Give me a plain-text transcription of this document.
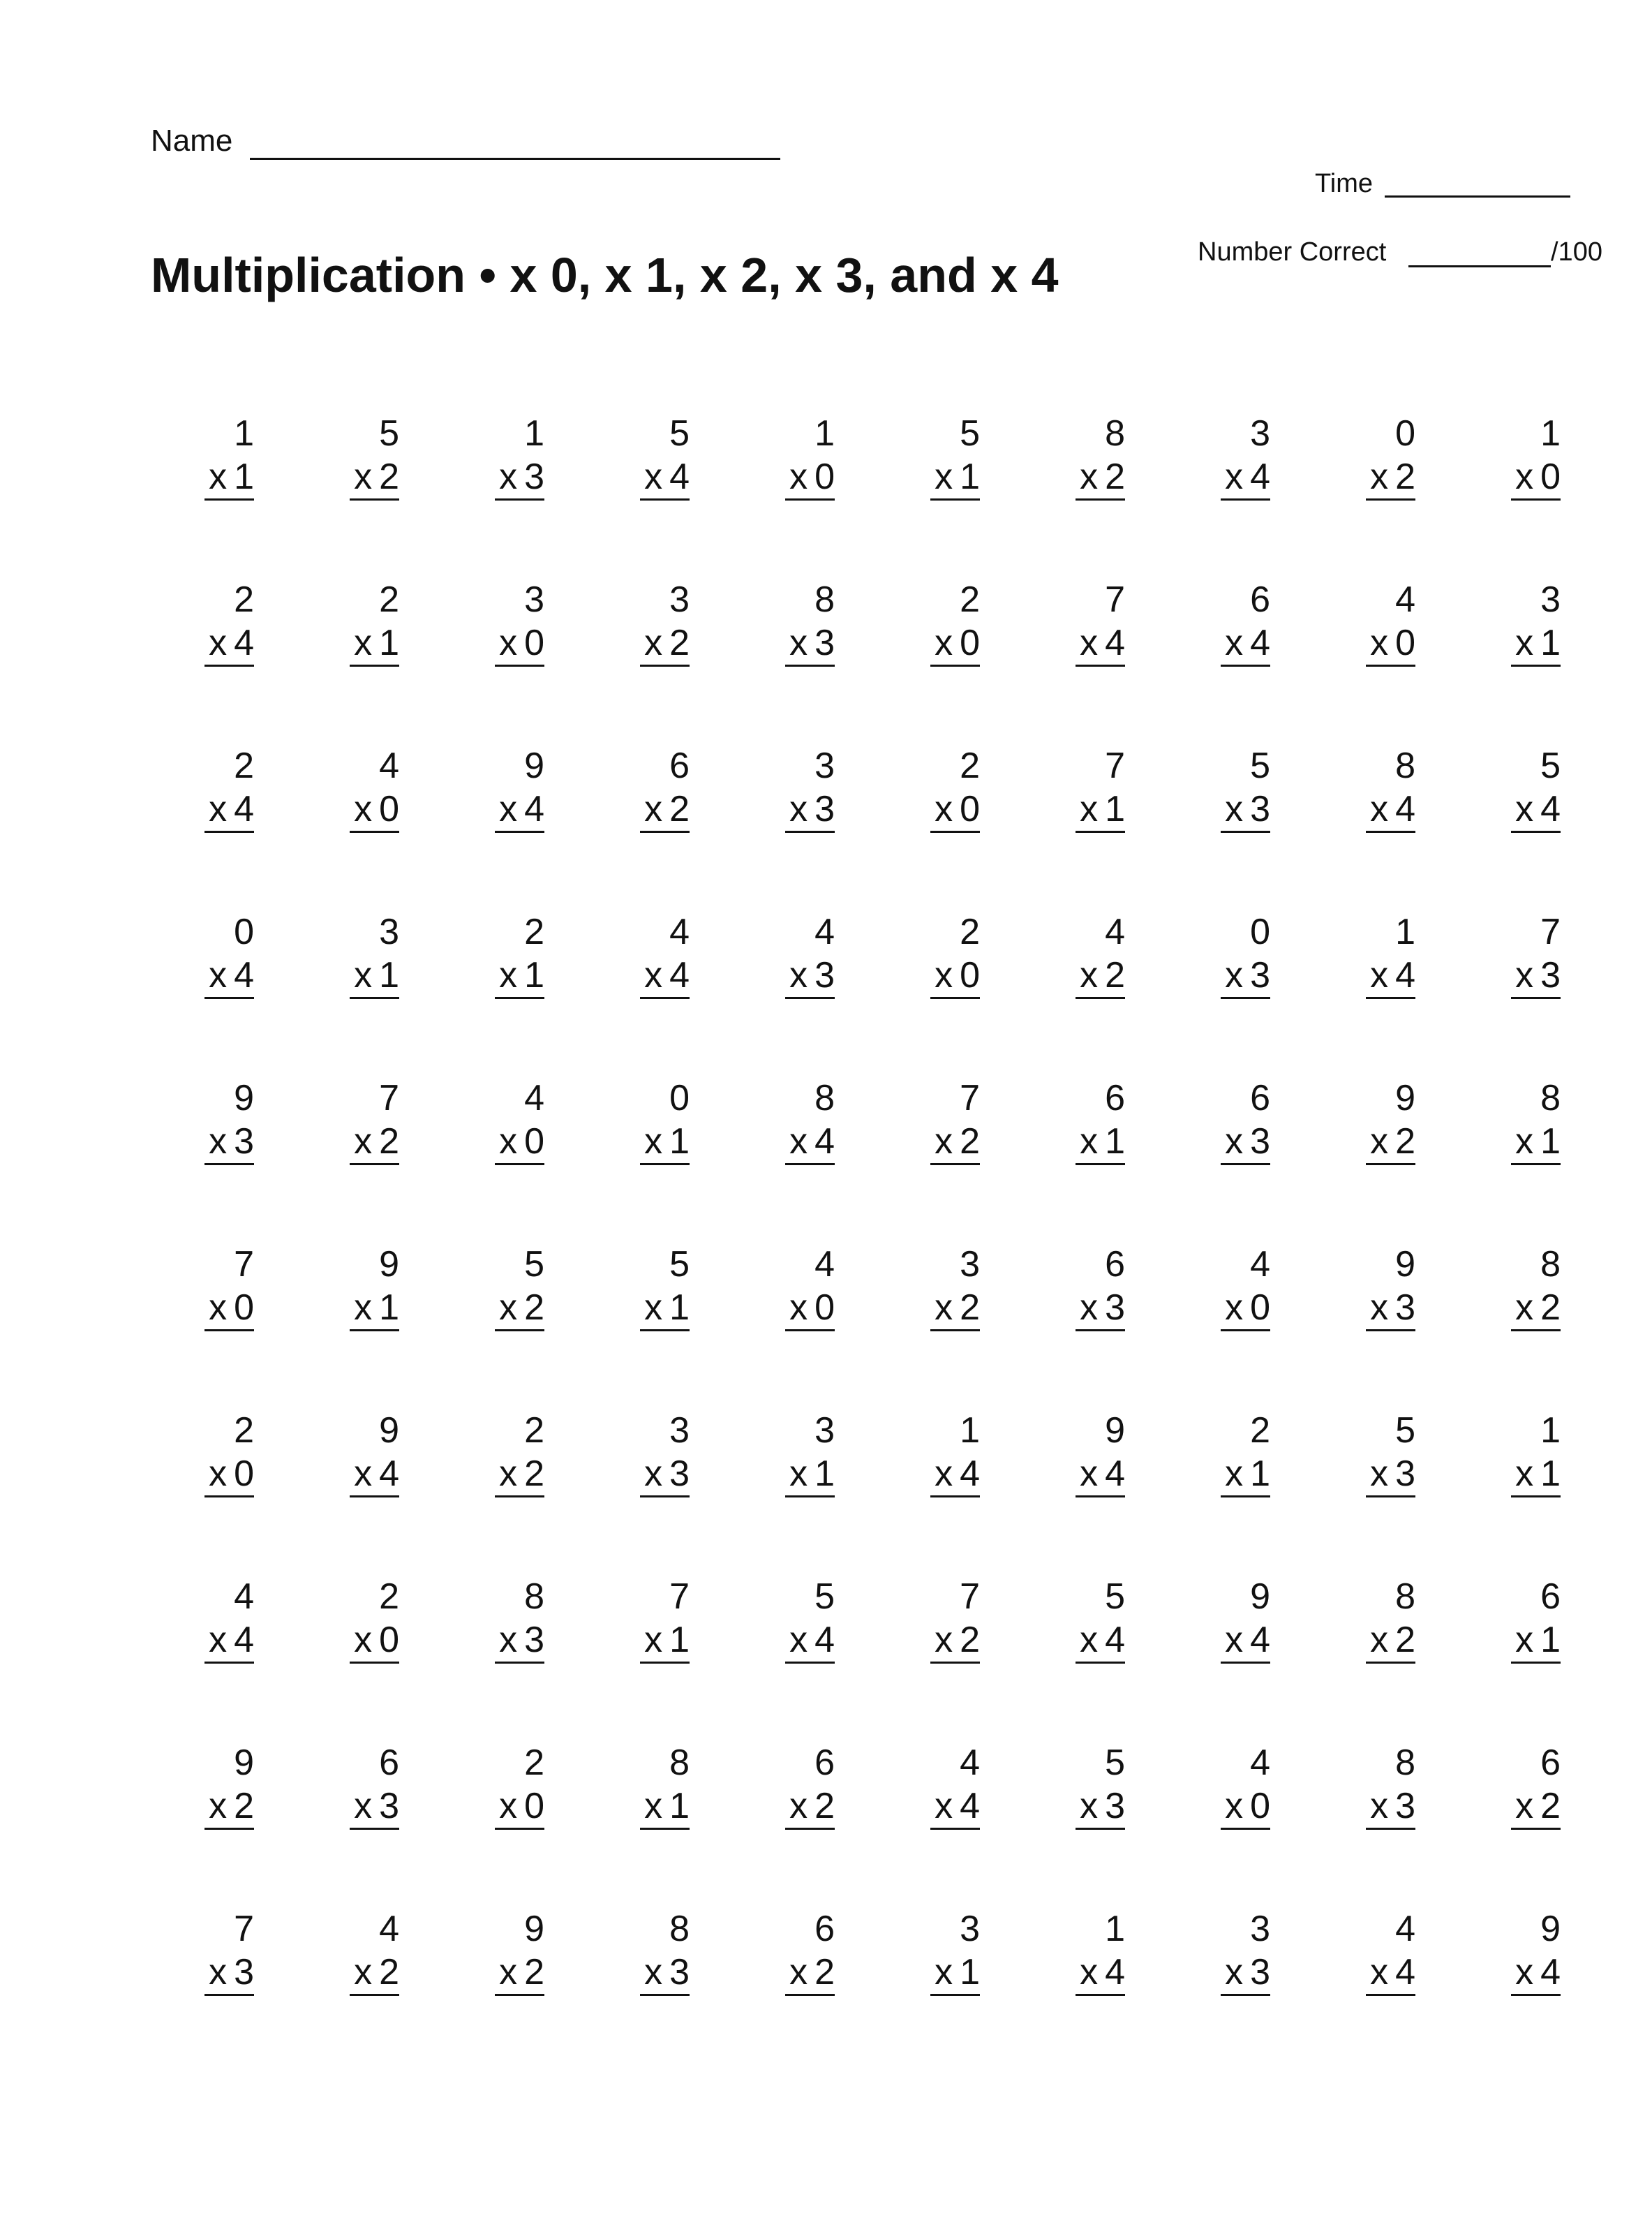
Name
Time
Number Correct	/100
Multiplication • x 0, x 1, x 2, x 3, and x 4
1
x 1
5
x 2
1
x 3
5
x 4
1
x 0
5
x 1
8
x 2
3
x 4
0
x 2
1
x 0
2
x 4
2
x 1
3
x 0
3
x 2
8
x 3
2
x 0
7
x 4
6
x 4
4
x 0
3
x 1
2
x 4
4
x 0
9
x 4
6
x 2
3
x 3
2
x 0
7
x 1
5
x 3
8
x 4
5
x 4
0
x 4
3
x 1
2
x 1
4
x 4
4
x 3
2
x 0
4
x 2
0
x 3
1
x 4
7
x 3
9
x 3
7
x 2
4
x 0
0
x 1
8
x 4
7
x 2
6
x 1
6
x 3
9
x 2
8
x 1
7
x 0
9
x 1
5
x 2
5
x 1
4
x 0
3
x 2
6
x 3
4
x 0
9
x 3
8
x 2
2
x 0
9
x 4
2
x 2
3
x 3
3
x 1
1
x 4
9
x 4
2
x 1
5
x 3
1
x 1
4
x 4
2
x 0
8
x 3
7
x 1
5
x 4
7
x 2
5
x 4
9
x 4
8
x 2
6
x 1
9
x 2
6
x 3
2
x 0
8
x 1
6
x 2
4
x 4
5
x 3
4
x 0
8
x 3
6
x 2
7
x 3
4
x 2
9
x 2
8
x 3
6
x 2
3
x 1
1
x 4
3
x 3
4
x 4
9
x 4
